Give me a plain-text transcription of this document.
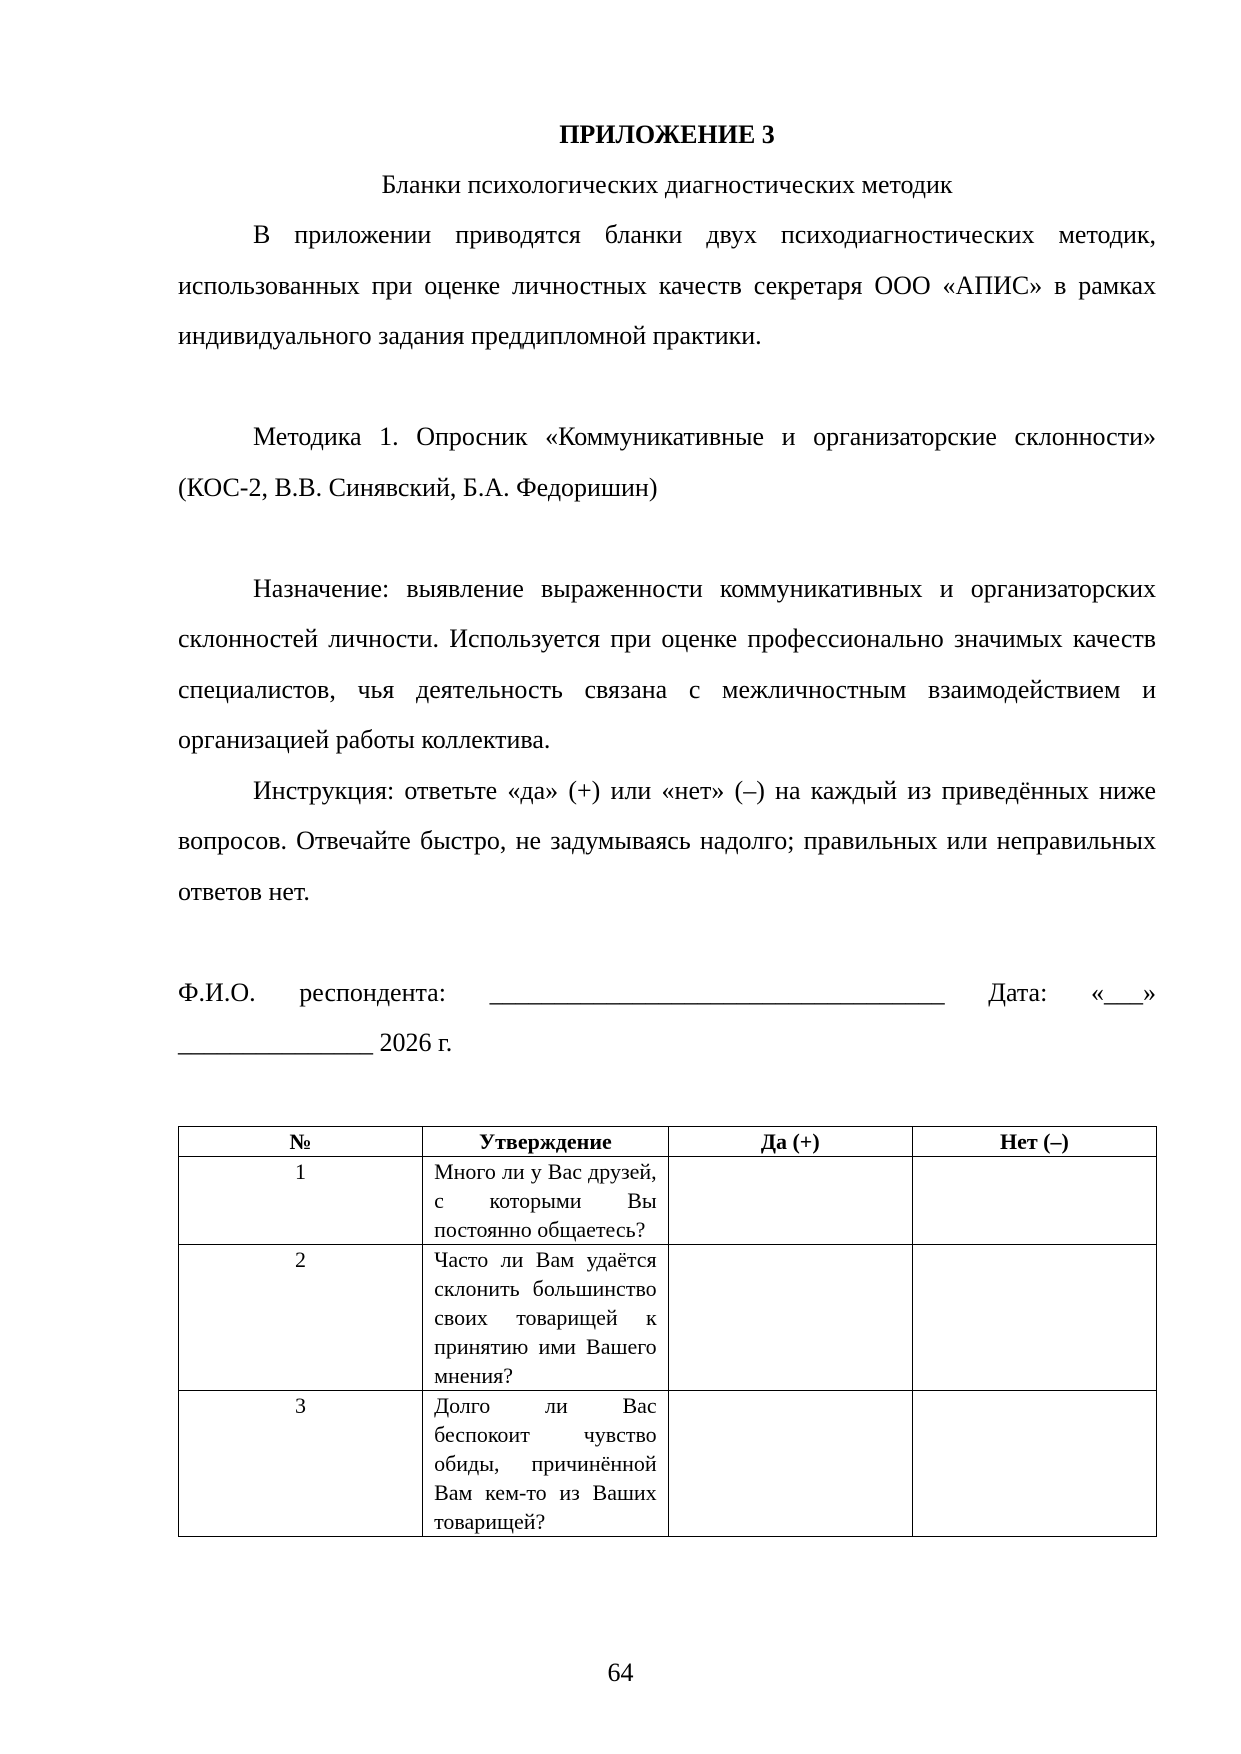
ПРИЛОЖЕНИЕ 3

Бланки психологических диагностических методик

В приложении приводятся бланки двух психодиагностических методик, использованных при оценке личностных качеств секретаря ООО «АПИС» в рамках индивидуального задания преддипломной практики.

Методика 1. Опросник «Коммуникативные и организаторские склонности» (КОС-2, В.В. Синявский, Б.А. Федоришин)

Назначение: выявление выраженности коммуникативных и организаторских склонностей личности. Используется при оценке профессионально значимых качеств специалистов, чья деятельность связана с межличностным взаимодействием и организацией работы коллектива.

Инструкция: ответьте «да» (+) или «нет» (–) на каждый из приведённых ниже вопросов. Отвечайте быстро, не задумываясь надолго; правильных или неправильных ответов нет.

Ф.И.О. респондента: ___________________________________ Дата: «___» _______________ 2026 г.

№	Утверждение	Да (+)	Нет (–)
1	Много ли у Вас друзей, с которыми Вы постоянно общаетесь?		

2	Часто ли Вам удаётся склонить большинство своих товарищей к принятию ими Вашего мнения?		

3	Долго ли Вас беспокоит чувство обиды, причинённой Вам кем-то из Ваших товарищей?		

64
